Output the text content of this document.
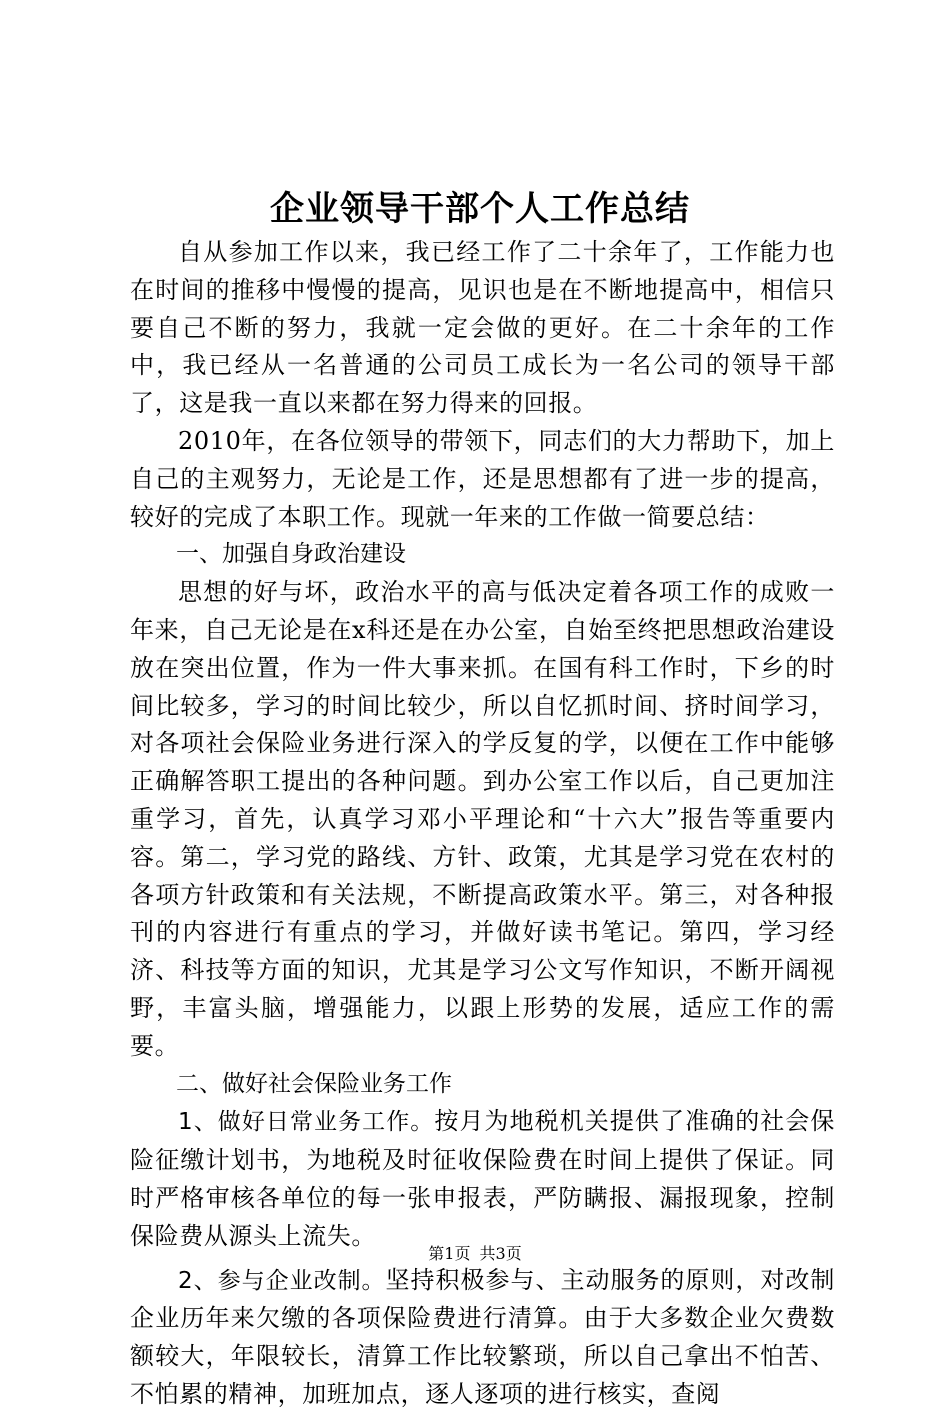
企业领导干部个人工作总结

自从参加工作以来，我已经工作了二十余年了，工作能力也在时间的推移中慢慢的提高，见识也是在不断地提高中，相信只要自己不断的努力，我就一定会做的更好。在二十余年的工作中，我已经从一名普通的公司员工成长为一名公司的领导干部了，这是我一直以来都在努力得来的回报。

2010年，在各位领导的带领下，同志们的大力帮助下，加上自己的主观努力，无论是工作，还是思想都有了进一步的提高，较好的完成了本职工作。现就一年来的工作做一简要总结：

一、加强自身政治建设

思想的好与坏，政治水平的高与低决定着各项工作的成败一年来，自己无论是在x科还是在办公室，自始至终把思想政治建设放在突出位置，作为一件大事来抓。在国有科工作时，下乡的时间比较多，学习的时间比较少，所以自忆抓时间、挤时间学习，对各项社会保险业务进行深入的学反复的学，以便在工作中能够正确解答职工提出的各种问题。到办公室工作以后，自己更加注重学习，首先，认真学习邓小平理论和“十六大”报告等重要内容。第二，学习党的路线、方针、政策，尤其是学习党在农村的各项方针政策和有关法规，不断提高政策水平。第三，对各种报刊的内容进行有重点的学习，并做好读书笔记。第四，学习经济、科技等方面的知识，尤其是学习公文写作知识，不断开阔视野，丰富头脑，增强能力，以跟上形势的发展，适应工作的需要。

二、做好社会保险业务工作

1、做好日常业务工作。按月为地税机关提供了准确的社会保险征缴计划书，为地税及时征收保险费在时间上提供了保证。同时严格审核各单位的每一张申报表，严防瞒报、漏报现象，控制保险费从源头上流失。

2、参与企业改制。坚持积极参与、主动服务的原则，对改制企业历年来欠缴的各项保险费进行清算。由于大多数企业欠费数额较大，年限较长，清算工作比较繁琐，所以自己拿出不怕苦、不怕累的精神，加班加点，逐人逐项的进行核实，查阅

第1页 共3页
